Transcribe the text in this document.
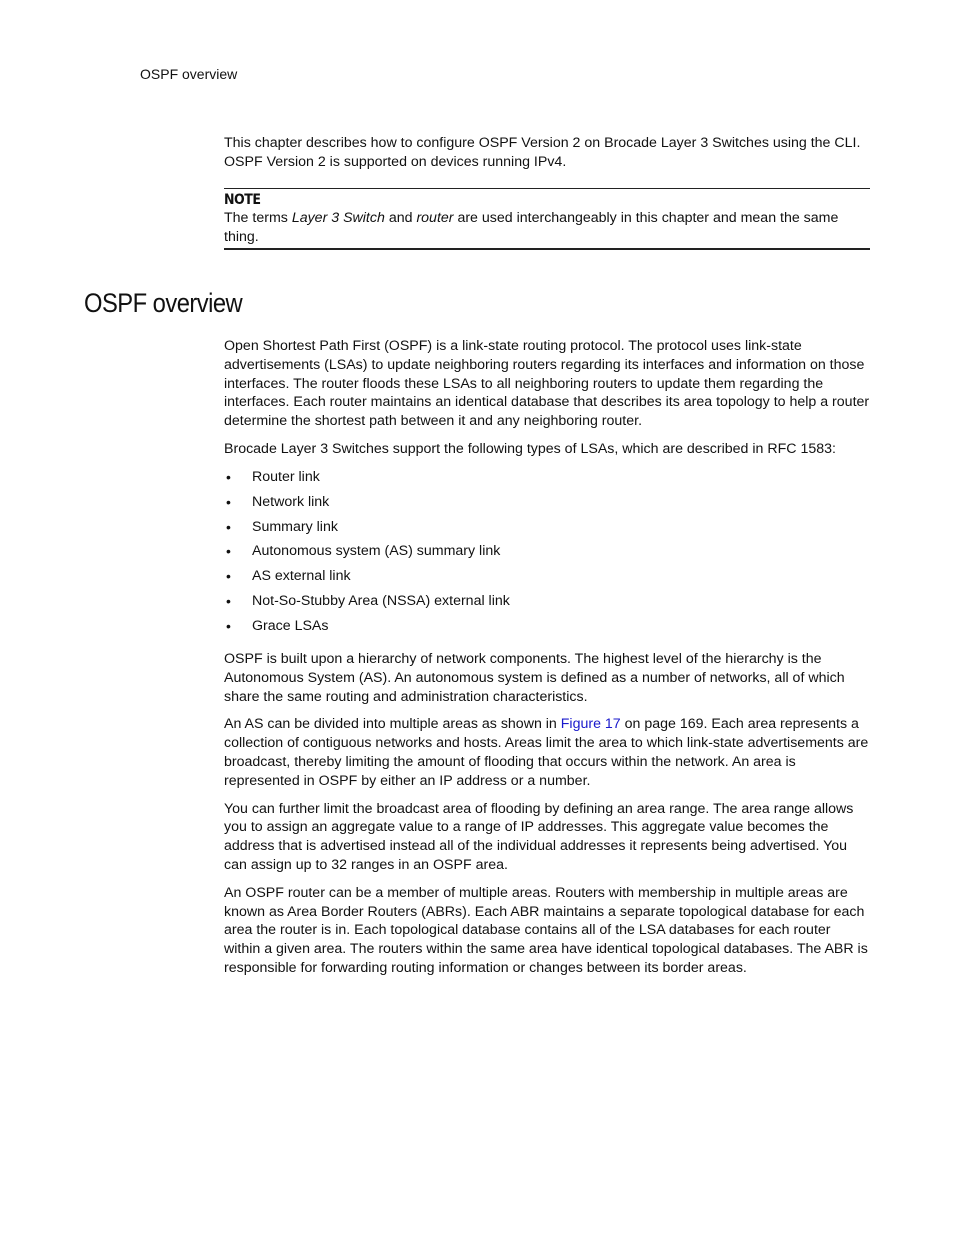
OSPF overview

This chapter describes how to configure OSPF Version 2 on Brocade Layer 3 Switches using the CLI. OSPF Version 2 is supported on devices running IPv4.

NOTE

The terms Layer 3 Switch and router are used interchangeably in this chapter and mean the same thing.

OSPF overview

Open Shortest Path First (OSPF) is a link-state routing protocol. The protocol uses link-state advertisements (LSAs) to update neighboring routers regarding its interfaces and information on those interfaces. The router floods these LSAs to all neighboring routers to update them regarding the interfaces. Each router maintains an identical database that describes its area topology to help a router determine the shortest path between it and any neighboring router.

Brocade Layer 3 Switches support the following types of LSAs, which are described in RFC 1583:

• Router link
• Network link
• Summary link
• Autonomous system (AS) summary link
• AS external link
• Not-So-Stubby Area (NSSA) external link
• Grace LSAs

OSPF is built upon a hierarchy of network components. The highest level of the hierarchy is the Autonomous System (AS). An autonomous system is defined as a number of networks, all of which share the same routing and administration characteristics.

An AS can be divided into multiple areas as shown in Figure 17 on page 169. Each area represents a collection of contiguous networks and hosts. Areas limit the area to which link-state advertisements are broadcast, thereby limiting the amount of flooding that occurs within the network. An area is represented in OSPF by either an IP address or a number.

You can further limit the broadcast area of flooding by defining an area range. The area range allows you to assign an aggregate value to a range of IP addresses. This aggregate value becomes the address that is advertised instead all of the individual addresses it represents being advertised. You can assign up to 32 ranges in an OSPF area.

An OSPF router can be a member of multiple areas. Routers with membership in multiple areas are known as Area Border Routers (ABRs). Each ABR maintains a separate topological database for each area the router is in. Each topological database contains all of the LSA databases for each router within a given area. The routers within the same area have identical topological databases. The ABR is responsible for forwarding routing information or changes between its border areas.
